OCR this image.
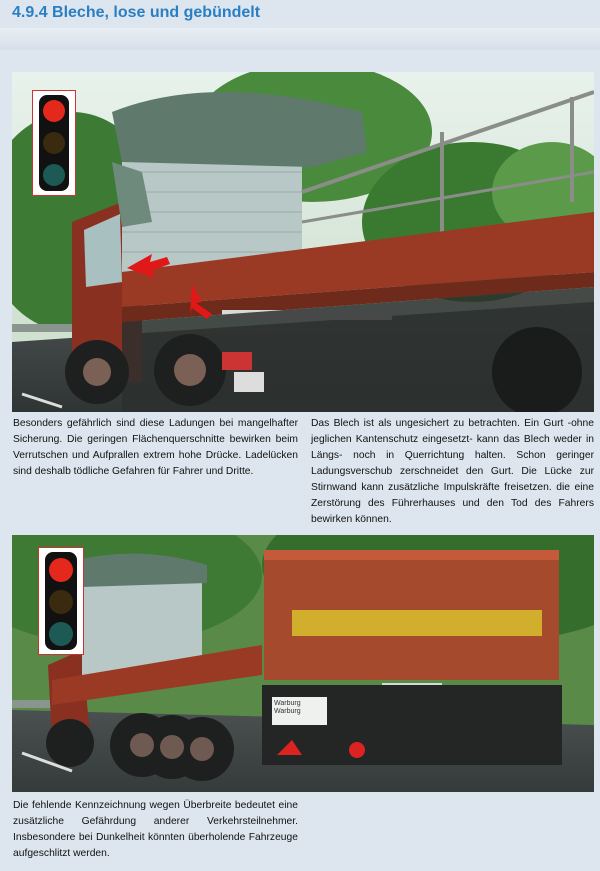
4.9.4 Bleche, lose und gebündelt
Besonders gefährlich sind diese Ladungen bei mangelhafter Sicherung. Die geringen Flächenquerschnitte bewirken beim Verrutschen und Aufprallen extrem hohe Drücke. Ladelücken sind deshalb tödliche Gefahren für Fahrer und Dritte.
Das Blech ist als ungesichert zu betrachten. Ein Gurt -ohne jeglichen Kantenschutz eingesetzt- kann das Blech weder in Längs- noch in Querrichtung halten. Schon geringer Ladungsverschub zerschneidet den Gurt. Die Lücke zur Stirnwand kann zusätzliche Impulskräfte freisetzen. die eine Zerstörung des Führerhauses und den Tod des Fahrers bewirken können.
Warburg Warburg
Die fehlende Kennzeichnung wegen Überbreite bedeutet eine zusätzliche Gefährdung anderer Verkehrsteilnehmer. Insbesondere bei Dunkelheit könnten überholende Fahrzeuge aufgeschlitzt werden.
